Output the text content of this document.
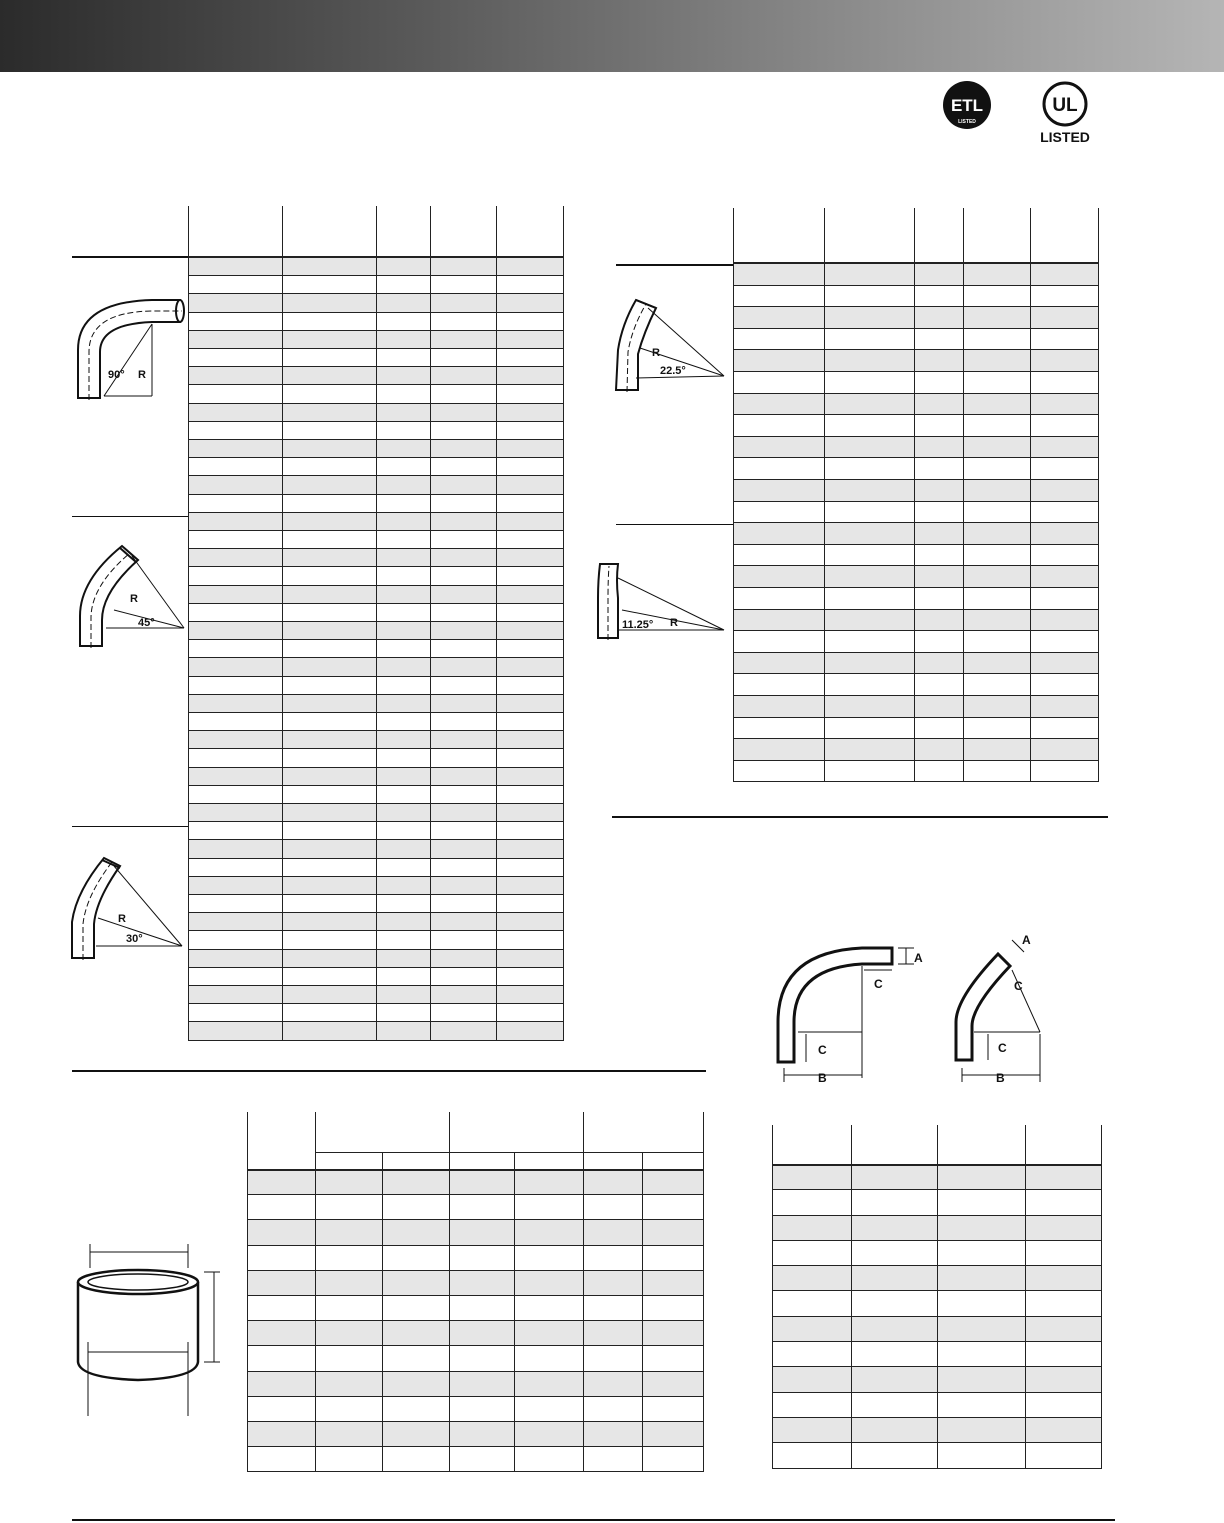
ETL
LISTED
UL
LISTED
90° R
R
45°
R
30°
R
22.5°
11.25° R
A
C
C
B
A
C
C
B
